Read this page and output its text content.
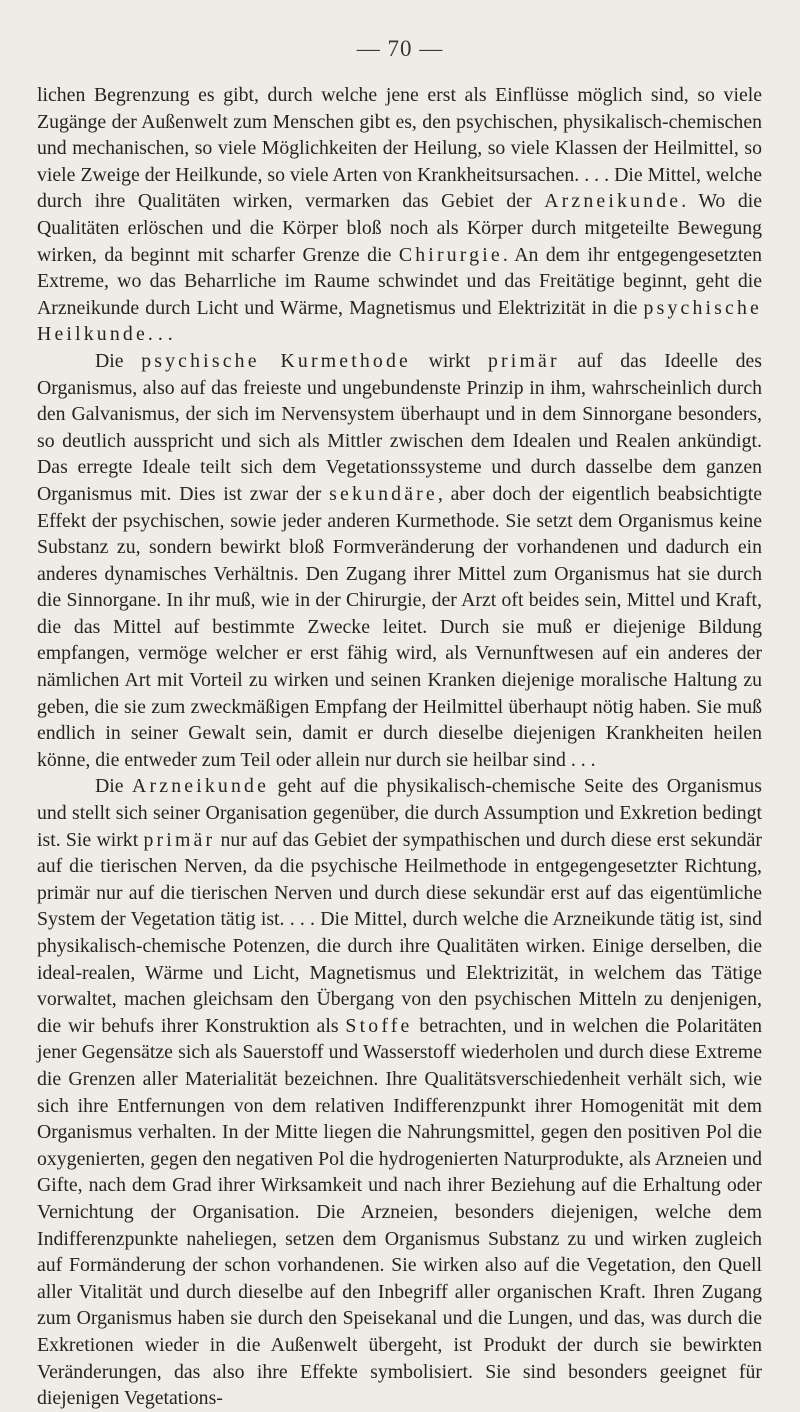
— 70 —

lichen Begrenzung es gibt, durch welche jene erst als Einflüsse möglich sind, so viele Zugänge der Außenwelt zum Menschen gibt es, den psychischen, physikalisch-chemischen und mechanischen, so viele Möglichkeiten der Heilung, so viele Klassen der Heilmittel, so viele Zweige der Heilkunde, so viele Arten von Krankheitsursachen. . . . Die Mittel, welche durch ihre Qualitäten wirken, vermarken das Gebiet der Arzneikunde. Wo die Qualitäten erlöschen und die Körper bloß noch als Körper durch mitgeteilte Bewegung wirken, da beginnt mit scharfer Grenze die Chirurgie. An dem ihr entgegengesetzten Extreme, wo das Beharrliche im Raume schwindet und das Freitätige beginnt, geht die Arzneikunde durch Licht und Wärme, Magnetismus und Elektrizität in die psychische Heilkunde. . .

Die psychische Kurmethode wirkt primär auf das Ideelle des Organismus, also auf das freieste und ungebundenste Prinzip in ihm, wahrscheinlich durch den Galvanismus, der sich im Nervensystem überhaupt und in dem Sinnorgane besonders, so deutlich ausspricht und sich als Mittler zwischen dem Idealen und Realen ankündigt. Das erregte Ideale teilt sich dem Vegetationssysteme und durch dasselbe dem ganzen Organismus mit. Dies ist zwar der sekundäre, aber doch der eigentlich beabsichtigte Effekt der psychischen, sowie jeder anderen Kurmethode. Sie setzt dem Organismus keine Substanz zu, sondern bewirkt bloß Formveränderung der vorhandenen und dadurch ein anderes dynamisches Verhältnis. Den Zugang ihrer Mittel zum Organismus hat sie durch die Sinnorgane. In ihr muß, wie in der Chirurgie, der Arzt oft beides sein, Mittel und Kraft, die das Mittel auf bestimmte Zwecke leitet. Durch sie muß er diejenige Bildung empfangen, vermöge welcher er erst fähig wird, als Vernunftwesen auf ein anderes der nämlichen Art mit Vorteil zu wirken und seinen Kranken diejenige moralische Haltung zu geben, die sie zum zweckmäßigen Empfang der Heilmittel überhaupt nötig haben. Sie muß endlich in seiner Gewalt sein, damit er durch dieselbe diejenigen Krankheiten heilen könne, die entweder zum Teil oder allein nur durch sie heilbar sind . . .

Die Arzneikunde geht auf die physikalisch-chemische Seite des Organismus und stellt sich seiner Organisation gegenüber, die durch Assumption und Exkretion bedingt ist. Sie wirkt primär nur auf das Gebiet der sympathischen und durch diese erst sekundär auf die tierischen Nerven, da die psychische Heilmethode in entgegengesetzter Richtung, primär nur auf die tierischen Nerven und durch diese sekundär erst auf das eigentümliche System der Vegetation tätig ist. . . . Die Mittel, durch welche die Arzneikunde tätig ist, sind physikalisch-chemische Potenzen, die durch ihre Qualitäten wirken. Einige derselben, die ideal-realen, Wärme und Licht, Magnetismus und Elektrizität, in welchem das Tätige vorwaltet, machen gleichsam den Übergang von den psychischen Mitteln zu denjenigen, die wir behufs ihrer Konstruktion als Stoffe betrachten, und in welchen die Polaritäten jener Gegensätze sich als Sauerstoff und Wasserstoff wiederholen und durch diese Extreme die Grenzen aller Materialität bezeichnen. Ihre Qualitätsverschiedenheit verhält sich, wie sich ihre Entfernungen von dem relativen Indifferenzpunkt ihrer Homogenität mit dem Organismus verhalten. In der Mitte liegen die Nahrungsmittel, gegen den positiven Pol die oxygenierten, gegen den negativen Pol die hydrogenierten Naturprodukte, als Arzneien und Gifte, nach dem Grad ihrer Wirksamkeit und nach ihrer Beziehung auf die Erhaltung oder Vernichtung der Organisation. Die Arzneien, besonders diejenigen, welche dem Indifferenzpunkte naheliegen, setzen dem Organismus Substanz zu und wirken zugleich auf Formänderung der schon vorhandenen. Sie wirken also auf die Vegetation, den Quell aller Vitalität und durch dieselbe auf den Inbegriff aller organischen Kraft. Ihren Zugang zum Organismus haben sie durch den Speisekanal und die Lungen, und das, was durch die Exkretionen wieder in die Außenwelt übergeht, ist Produkt der durch sie bewirkten Veränderungen, das also ihre Effekte symbolisiert. Sie sind besonders geeignet für diejenigen Vegetations-
